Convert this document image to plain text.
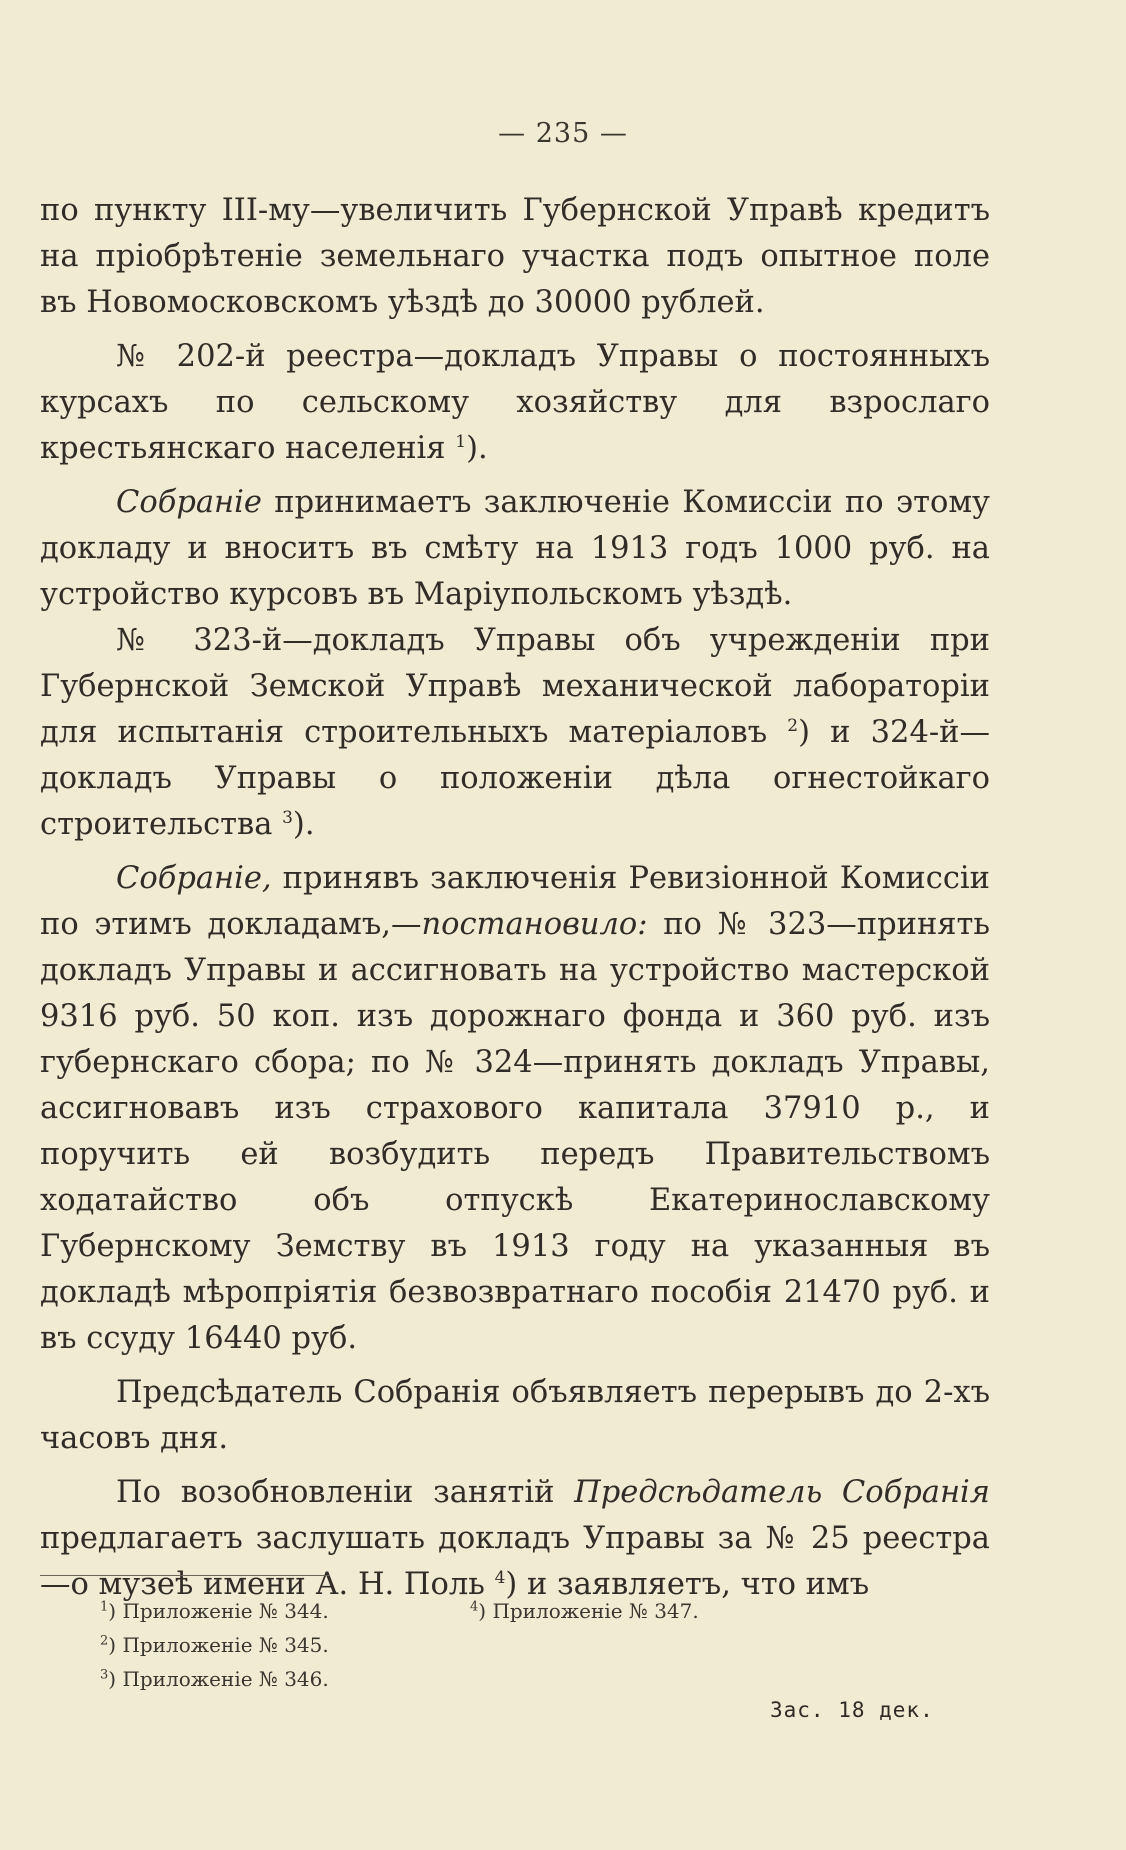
— 235 —

по пункту III-му—увеличить Губернской Управѣ кредитъ на пріобрѣтеніе земельнаго участка подъ опытное поле въ Новомосковскомъ уѣздѣ до 30000 рублей.

№ 202-й реестра—докладъ Управы о постоянныхъ курсахъ по сельскому хозяйству для взрослаго крестьянскаго населенія $^1$).

Собраніе принимаетъ заключеніе Комиссіи по этому докладу и вноситъ въ смѣту на 1913 годъ 1000 руб. на устройство курсовъ въ Маріупольскомъ уѣздѣ.

№ 323-й—докладъ Управы объ учрежденіи при Губернской Земской Управѣ механической лабораторіи для испытанія строительныхъ матеріаловъ $^2$) и 324-й—докладъ Управы о положеніи дѣла огнестойкаго строительства $^3$).

Собраніе, принявъ заключенія Ревизіонной Комиссіи по этимъ докладамъ,—постановило: по № 323—принять докладъ Управы и ассигновать на устройство мастерской 9316 руб. 50 коп. изъ дорожнаго фонда и 360 руб. изъ губернскаго сбора; по № 324—принять докладъ Управы, ассигновавъ изъ страхового капитала 37910 р., и поручить ей возбудить передъ Правительствомъ ходатайство объ отпускѣ Екатеринославскому Губернскому Земству въ 1913 году на указанныя въ докладѣ мѣропріятія безвозвратнаго пособія 21470 руб. и въ ссуду 16440 руб.

Предсѣдатель Собранія объявляетъ перерывъ до 2-хъ часовъ дня.

По возобновленіи занятій Предсѣдатель Собранія предлагаетъ заслушать докладъ Управы за № 25 реестра—о музеѣ имени А. Н. Поль $^4$) и заявляетъ, что имъ

$^1$) Приложеніе № 344.	$^4$) Приложеніе № 347.
$^2$) Приложеніе № 345.
$^3$) Приложеніе № 346.
Зас. 18 дек.
